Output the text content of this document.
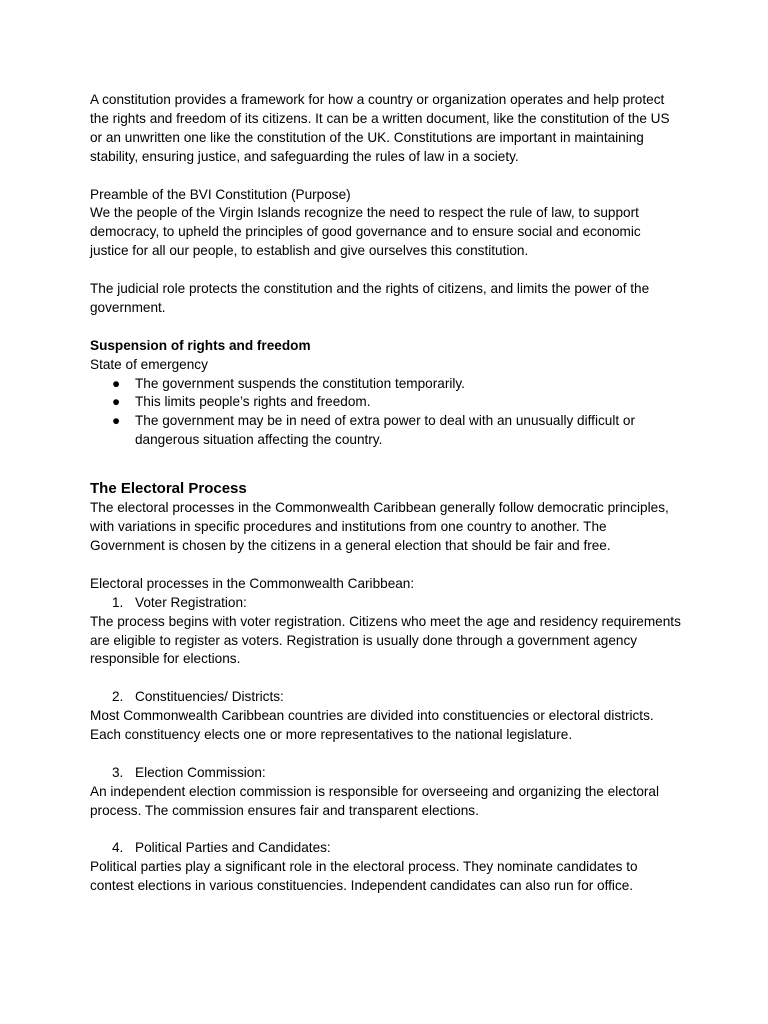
A constitution provides a framework for how a country or organization operates and help protect the rights and freedom of its citizens. It can be a written document, like the constitution of the US or an unwritten one like the constitution of the UK. Constitutions are important in maintaining stability, ensuring justice, and safeguarding the rules of law in a society.

Preamble of the BVI Constitution (Purpose)

We the people of the Virgin Islands recognize the need to respect the rule of law, to support democracy, to upheld the principles of good governance and to ensure social and economic justice for all our people, to establish and give ourselves this constitution.

The judicial role protects the constitution and the rights of citizens, and limits the power of the government.

Suspension of rights and freedom

State of emergency

● The government suspends the constitution temporarily.
● This limits people’s rights and freedom.
● The government may be in need of extra power to deal with an unusually difficult or dangerous situation affecting the country.

The Electoral Process

The electoral processes in the Commonwealth Caribbean generally follow democratic principles, with variations in specific procedures and institutions from one country to another. The Government is chosen by the citizens in a general election that should be fair and free.

Electoral processes in the Commonwealth Caribbean:

1. Voter Registration:

The process begins with voter registration. Citizens who meet the age and residency requirements are eligible to register as voters. Registration is usually done through a government agency responsible for elections.

2. Constituencies/ Districts:

Most Commonwealth Caribbean countries are divided into constituencies or electoral districts. Each constituency elects one or more representatives to the national legislature.

3. Election Commission:

An independent election commission is responsible for overseeing and organizing the electoral process. The commission ensures fair and transparent elections.

4. Political Parties and Candidates:

Political parties play a significant role in the electoral process. They nominate candidates to contest elections in various constituencies. Independent candidates can also run for office.
